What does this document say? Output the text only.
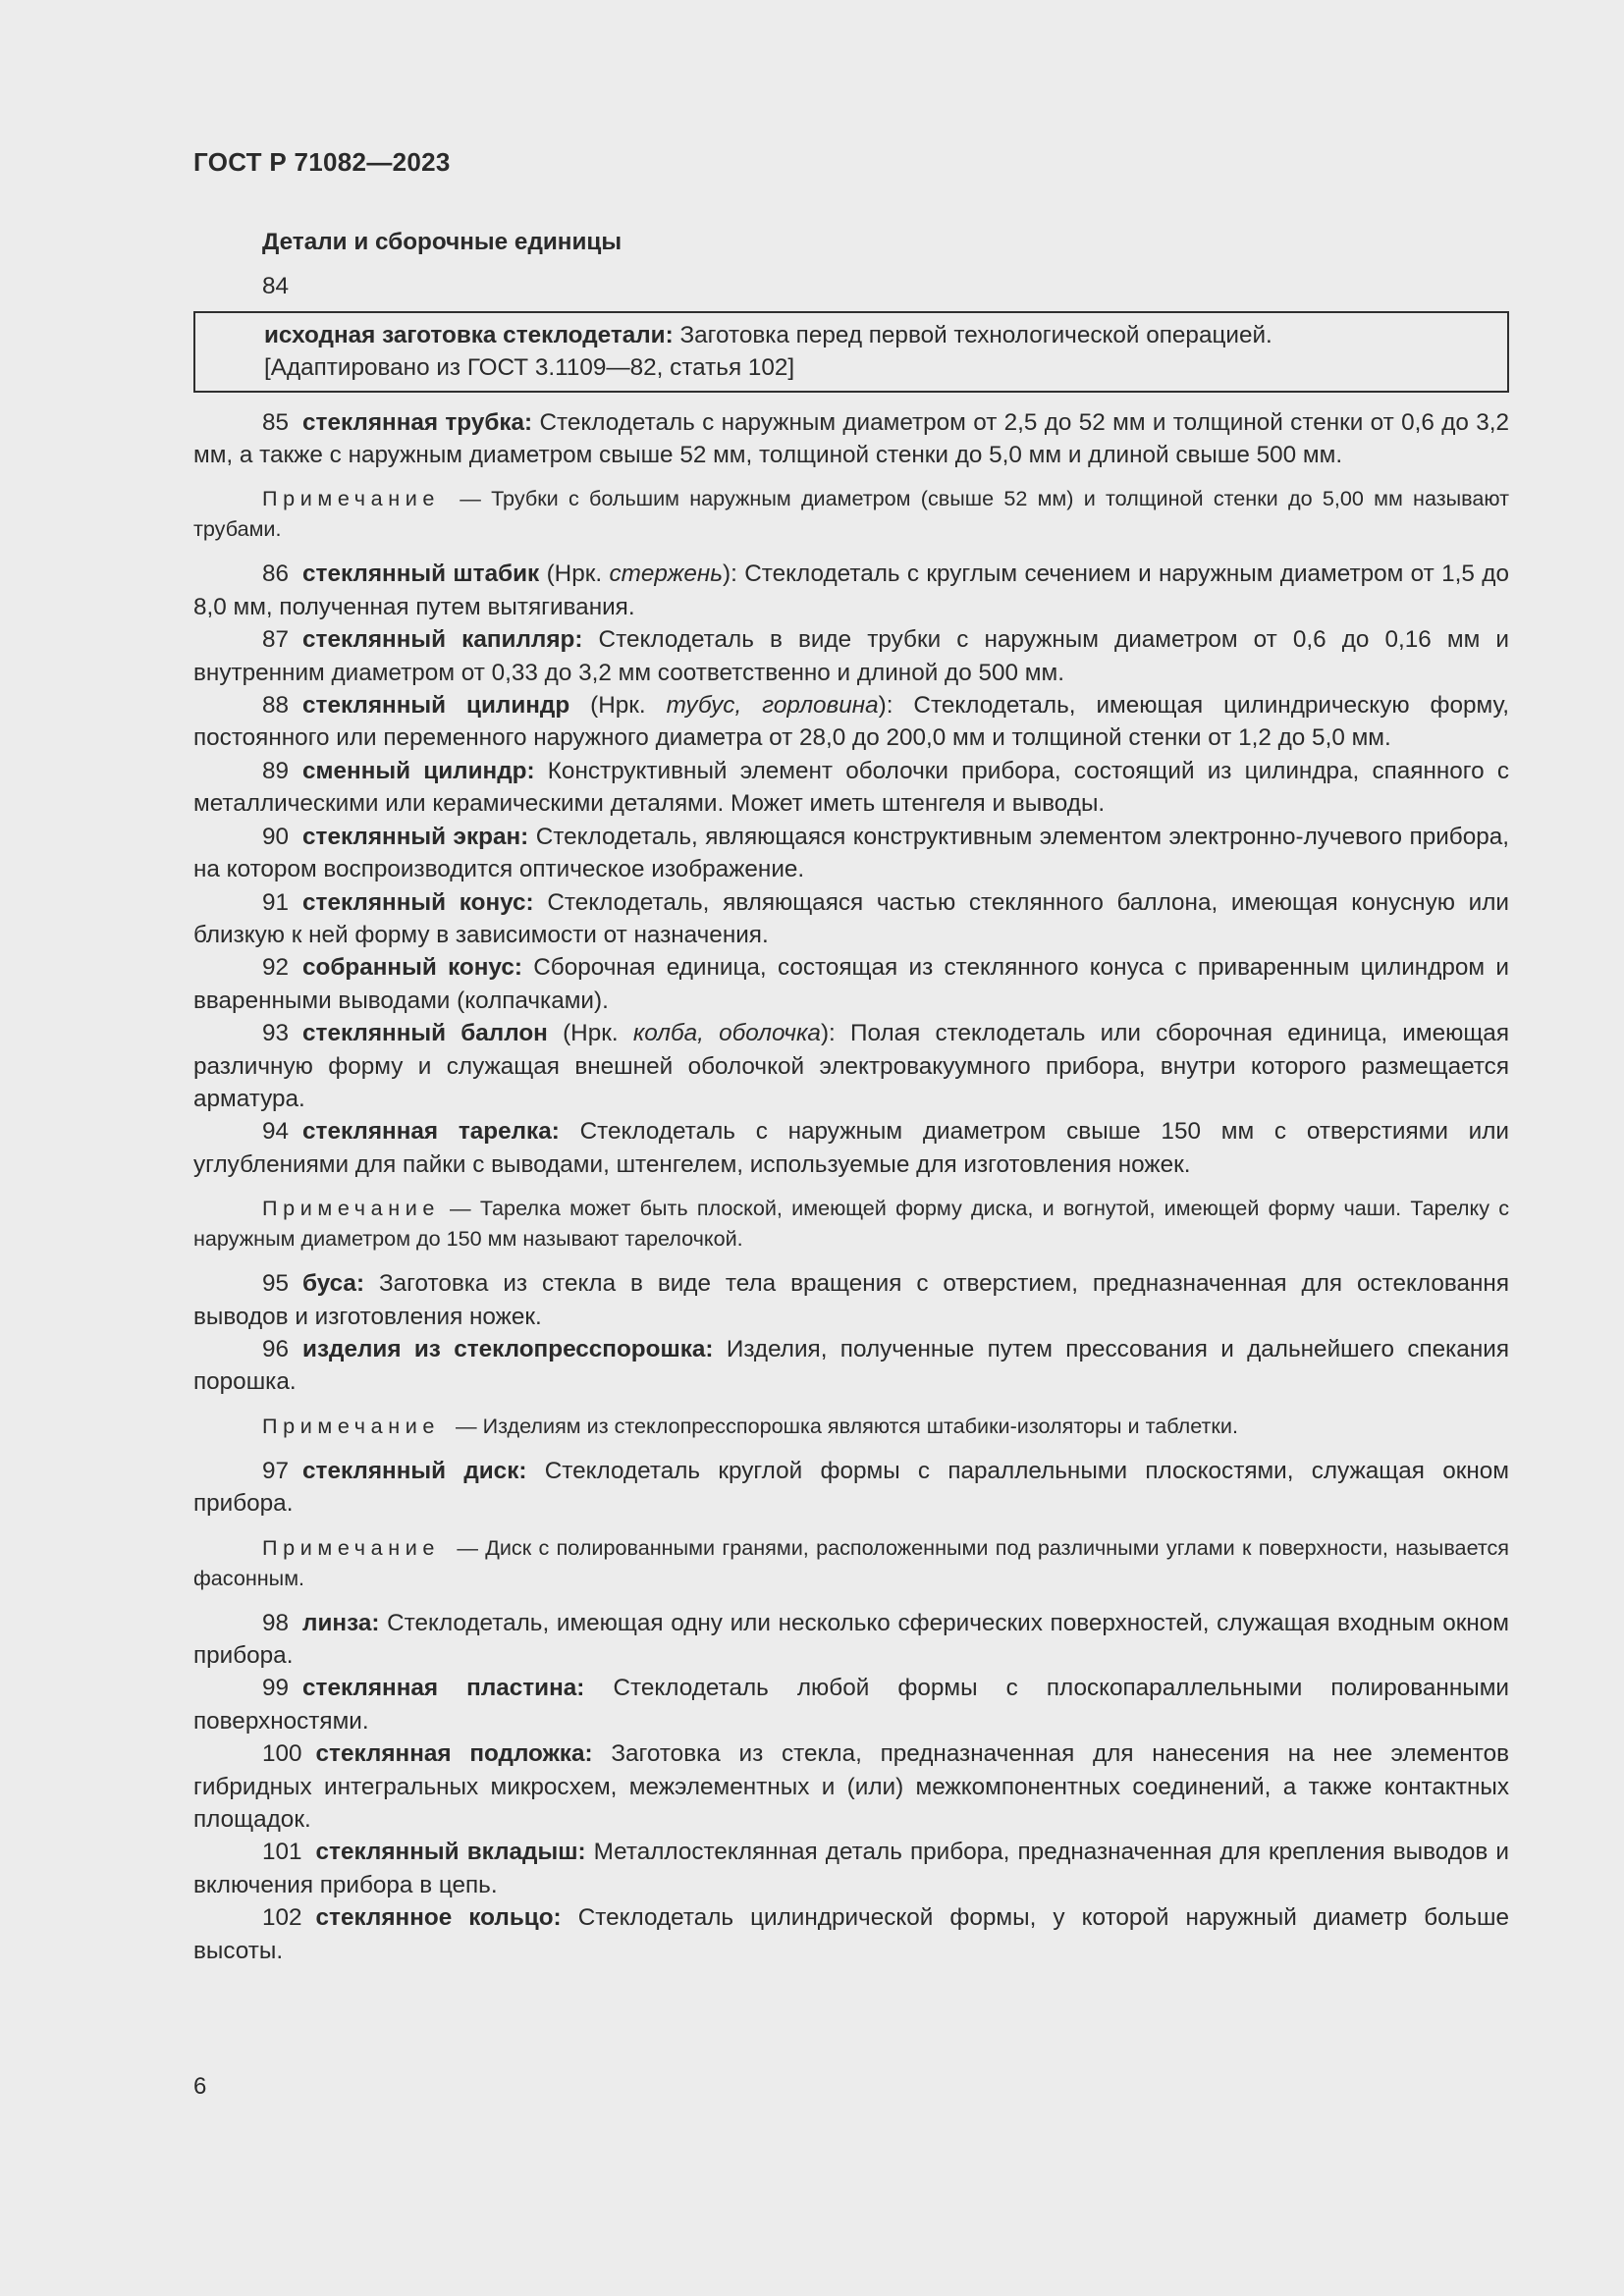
ГОСТ Р 71082—2023
Детали и сборочные единицы
84
исходная заготовка стеклодетали: Заготовка перед первой технологической операцией.
[Адаптировано из ГОСТ 3.1109—82, статья 102]

85 стеклянная трубка: Стеклодеталь с наружным диаметром от 2,5 до 52 мм и толщиной стенки от 0,6 до 3,2 мм, а также с наружным диаметром свыше 52 мм, толщиной стенки до 5,0 мм и длиной свыше 500 мм.

Примечание — Трубки с большим наружным диаметром (свыше 52 мм) и толщиной стенки до 5,00 мм называют трубами.

86 стеклянный штабик (Нрк. стержень): Стеклодеталь с круглым сечением и наружным диаметром от 1,5 до 8,0 мм, полученная путем вытягивания.

87 стеклянный капилляр: Стеклодеталь в виде трубки с наружным диаметром от 0,6 до 0,16 мм и внутренним диаметром от 0,33 до 3,2 мм соответственно и длиной до 500 мм.

88 стеклянный цилиндр (Нрк. тубус, горловина): Стеклодеталь, имеющая цилиндрическую форму, постоянного или переменного наружного диаметра от 28,0 до 200,0 мм и толщиной стенки от 1,2 до 5,0 мм.

89 сменный цилиндр: Конструктивный элемент оболочки прибора, состоящий из цилиндра, спаянного с металлическими или керамическими деталями. Может иметь штенгеля и выводы.

90 стеклянный экран: Стеклодеталь, являющаяся конструктивным элементом электронно-лучевого прибора, на котором воспроизводится оптическое изображение.

91 стеклянный конус: Стеклодеталь, являющаяся частью стеклянного баллона, имеющая конусную или близкую к ней форму в зависимости от назначения.

92 собранный конус: Сборочная единица, состоящая из стеклянного конуса с приваренным цилиндром и вваренными выводами (колпачками).

93 стеклянный баллон (Нрк. колба, оболочка): Полая стеклодеталь или сборочная единица, имеющая различную форму и служащая внешней оболочкой электровакуумного прибора, внутри которого размещается арматура.

94 стеклянная тарелка: Стеклодеталь с наружным диаметром свыше 150 мм с отверстиями или углублениями для пайки с выводами, штенгелем, используемые для изготовления ножек.

Примечание — Тарелка может быть плоской, имеющей форму диска, и вогнутой, имеющей форму чаши. Тарелку с наружным диаметром до 150 мм называют тарелочкой.

95 буса: Заготовка из стекла в виде тела вращения с отверстием, предназначенная для остекловання выводов и изготовления ножек.

96 изделия из стеклопресспорошка: Изделия, полученные путем прессования и дальнейшего спекания порошка.

Примечание — Изделиям из стеклопресспорошка являются штабики-изоляторы и таблетки.

97 стеклянный диск: Стеклодеталь круглой формы с параллельными плоскостями, служащая окном прибора.

Примечание — Диск с полированными гранями, расположенными под различными углами к поверхности, называется фасонным.

98 линза: Стеклодеталь, имеющая одну или несколько сферических поверхностей, служащая входным окном прибора.

99 стеклянная пластина: Стеклодеталь любой формы с плоскопараллельными полированными поверхностями.

100 стеклянная подложка: Заготовка из стекла, предназначенная для нанесения на нее элементов гибридных интегральных микросхем, межэлементных и (или) межкомпонентных соединений, а также контактных площадок.

101 стеклянный вкладыш: Металлостеклянная деталь прибора, предназначенная для крепления выводов и включения прибора в цепь.

102 стеклянное кольцо: Стеклодеталь цилиндрической формы, у которой наружный диаметр больше высоты.

6
